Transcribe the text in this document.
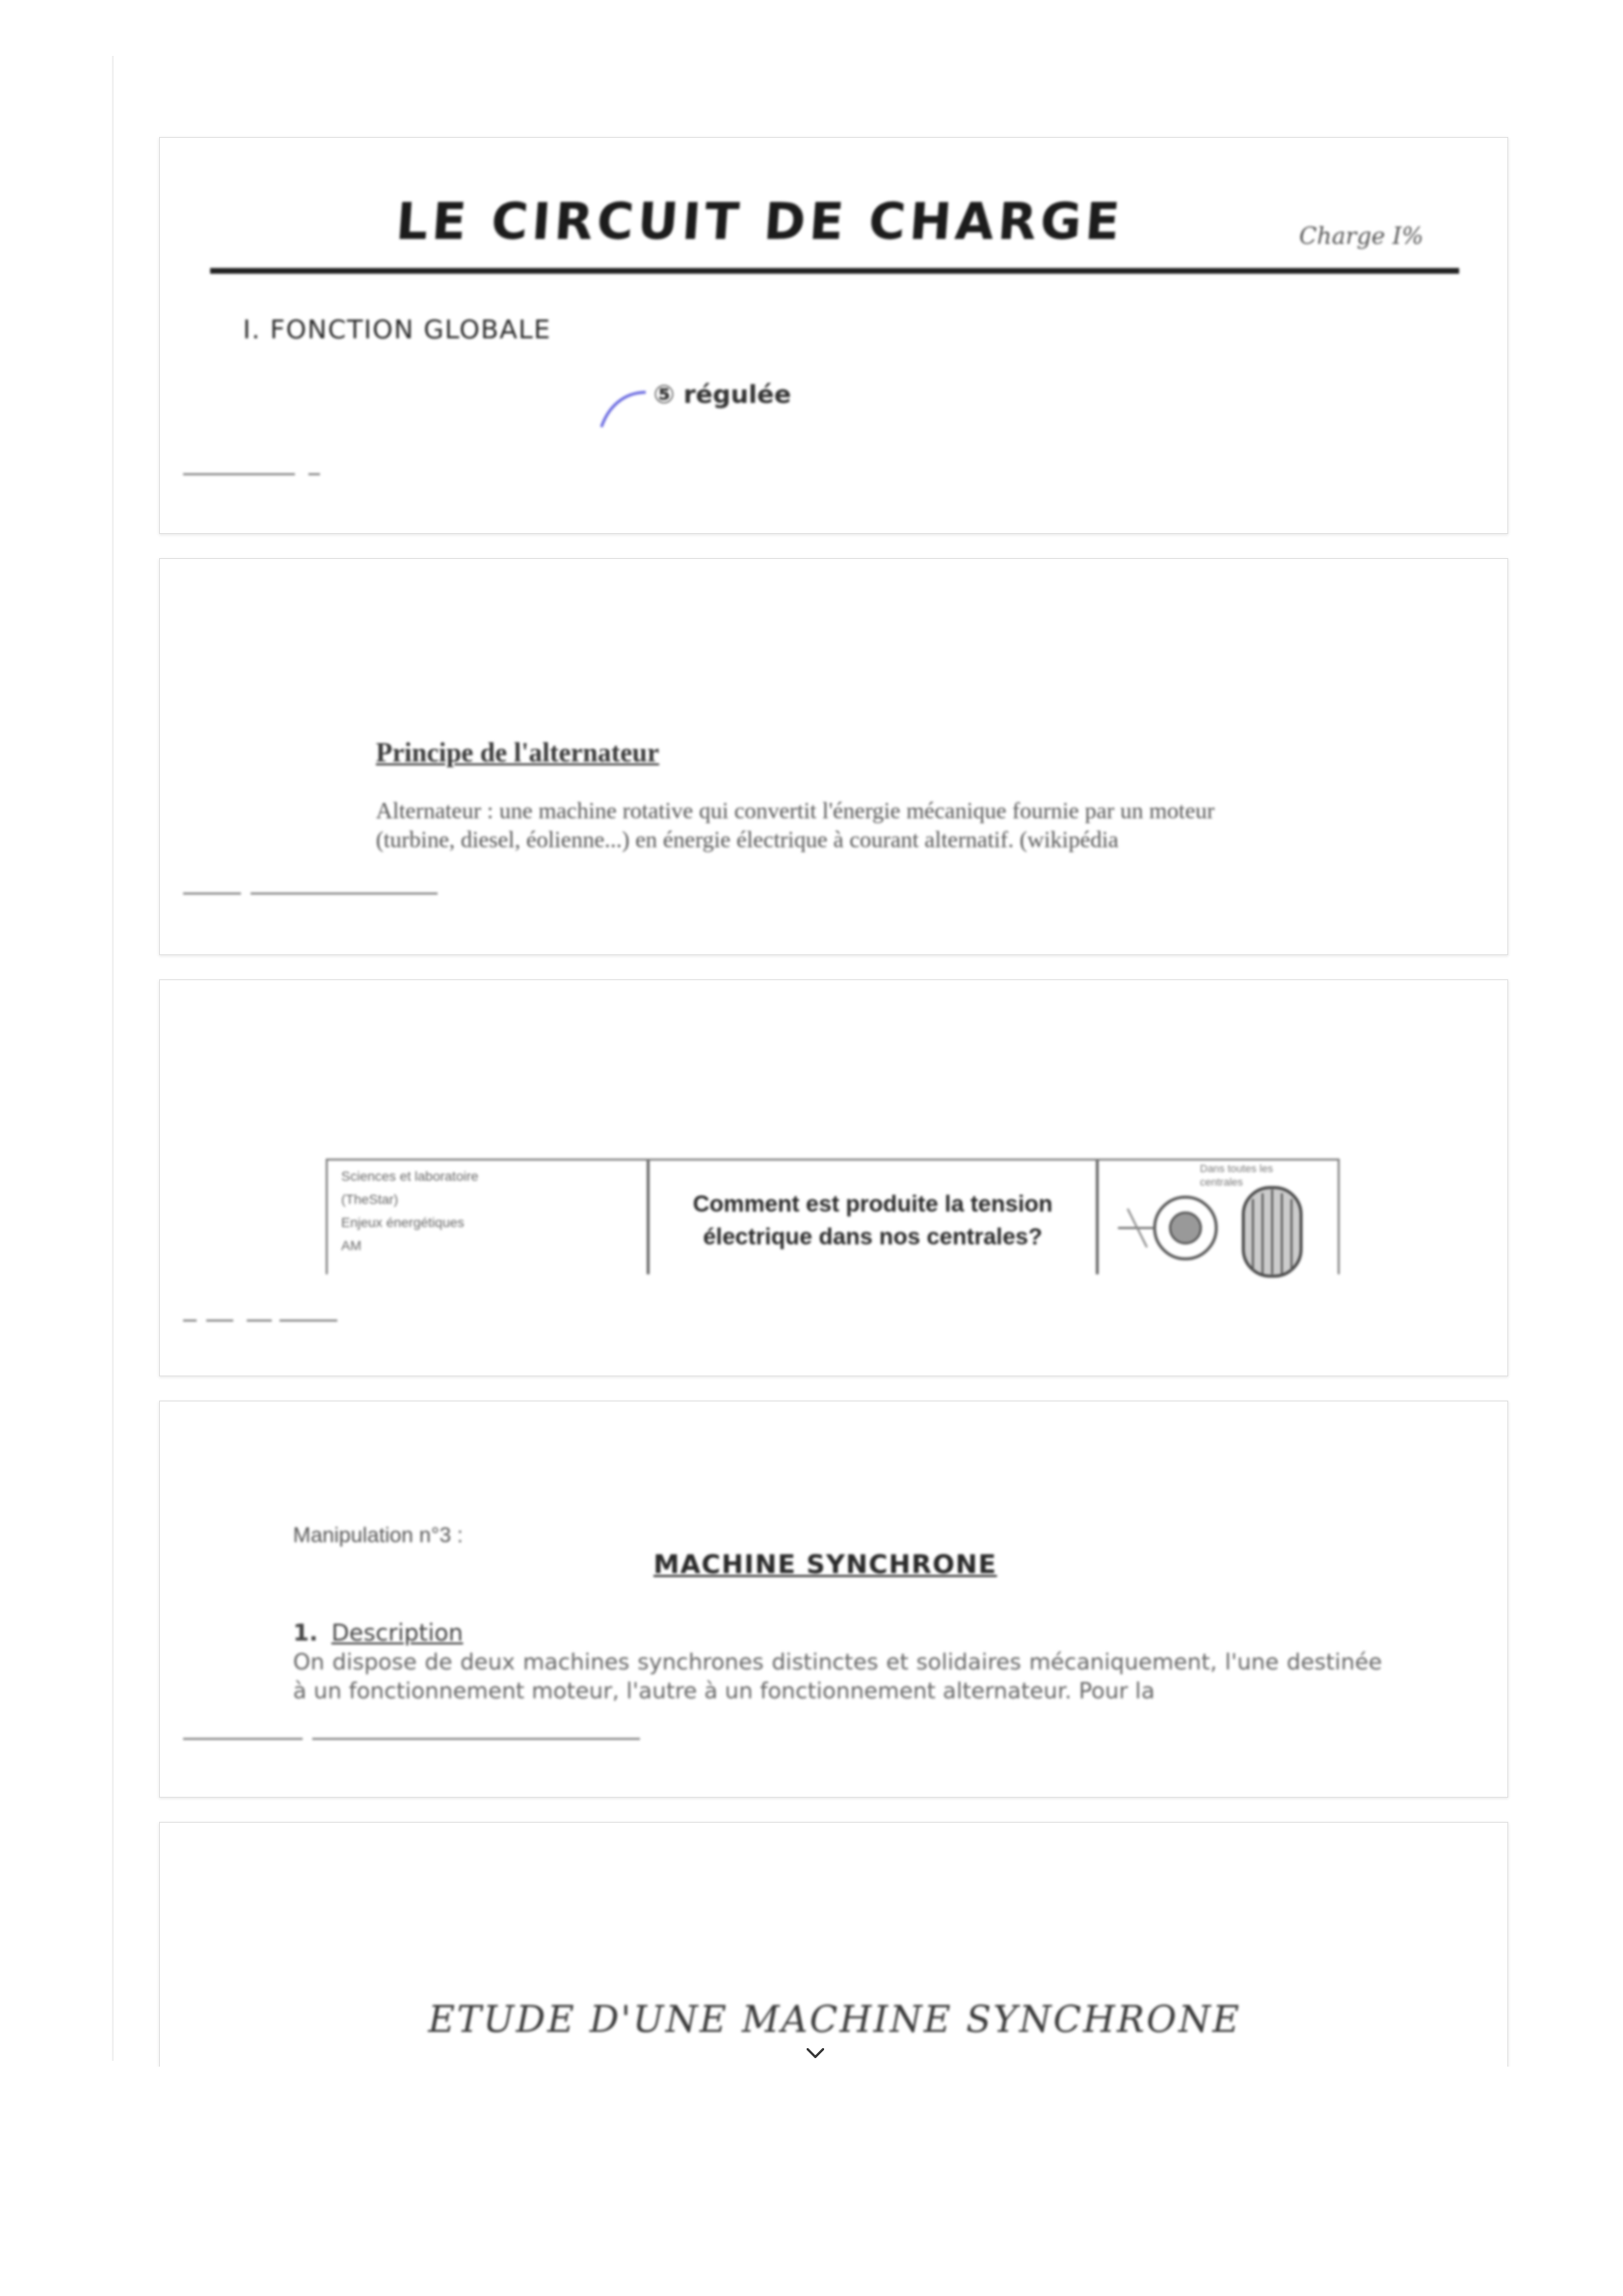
LE CIRCUIT DE CHARGE	Charge I%
I. FONCTION GLOBALE
⑤ régulée
Principe de l'alternateur
Alternateur : une machine rotative qui convertit l'énergie mécanique fournie par un moteur (turbine, diesel, éolienne...) en énergie électrique à courant alternatif. (wikipédia
Sciences et laboratoire
(TheStar)
Enjeux énergétiques
AM
Comment est produite la tension électrique dans nos centrales?
Dans toutes les centrales
Manipulation n°3 :
MACHINE SYNCHRONE
1. Description
On dispose de deux machines synchrones distinctes et solidaires mécaniquement, l'une destinée à un fonctionnement moteur, l'autre à un fonctionnement alternateur. Pour la
ETUDE D'UNE MACHINE SYNCHRONE
